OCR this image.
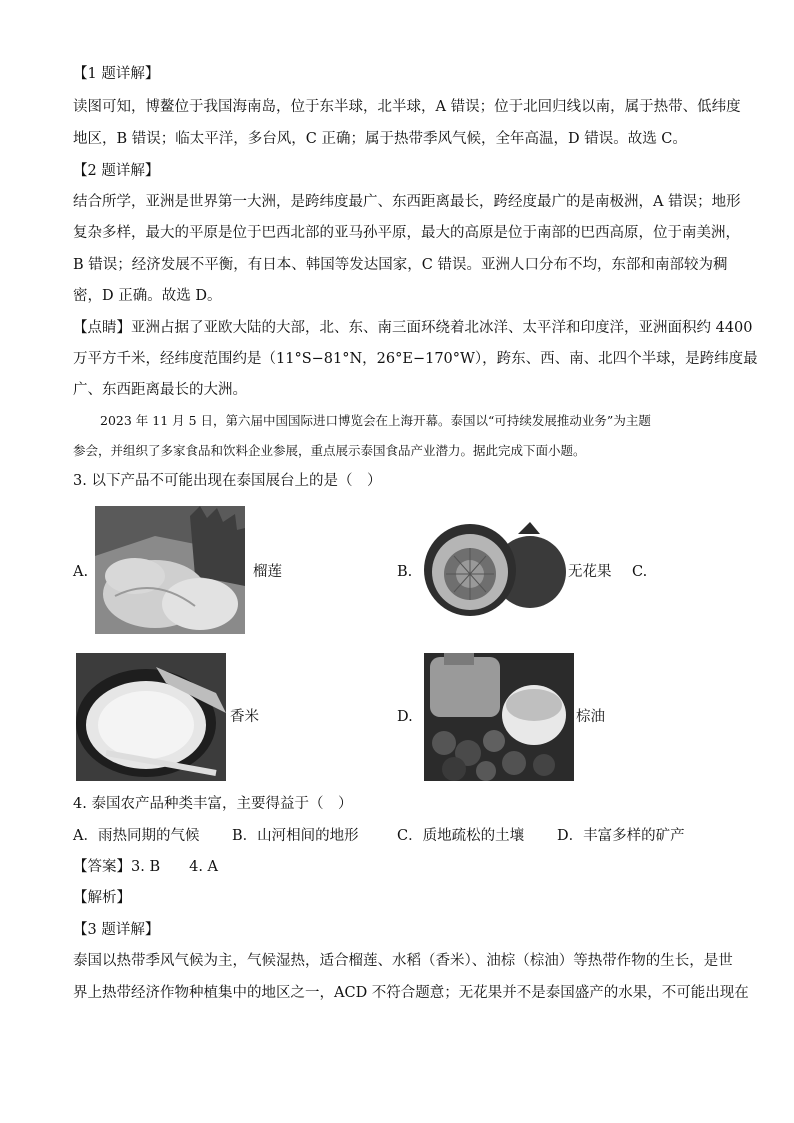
【1 题详解】
读图可知，博鳌位于我国海南岛，位于东半球，北半球，A 错误；位于北回归线以南，属于热带、低纬度
地区，B 错误；临太平洋，多台风，C 正确；属于热带季风气候，全年高温，D 错误。故选 C。
【2 题详解】
结合所学，亚洲是世界第一大洲，是跨纬度最广、东西距离最长，跨经度最广的是南极洲，A 错误；地形
复杂多样，最大的平原是位于巴西北部的亚马孙平原，最大的高原是位于南部的巴西高原，位于南美洲，
B 错误；经济发展不平衡，有日本、韩国等发达国家，C 错误。亚洲人口分布不均，东部和南部较为稠
密，D 正确。故选 D。
【点睛】亚洲占据了亚欧大陆的大部，北、东、南三面环绕着北冰洋、太平洋和印度洋，亚洲面积约 4400
万平方千米，经纬度范围约是（11°S−81°N，26°E−170°W），跨东、西、南、北四个半球，是跨纬度最
广、东西距离最长的大洲。
2023 年 11 月 5 日，第六届中国国际进口博览会在上海开幕。泰国以“可持续发展推动业务”为主题
参会，并组织了多家食品和饮料企业参展，重点展示泰国食品产业潜力。据此完成下面小题。
3. 以下产品不可能出现在泰国展台上的是（　）
A.	榴莲	B.	无花果 C.
香米	D.	棕油
4. 泰国农产品种类丰富，主要得益于（　）
A．雨热同期的气候 B．山河相间的地形	C．质地疏松的土壤 D．丰富多样的矿产
【答案】3. B　　4. A
【解析】
【3 题详解】
泰国以热带季风气候为主，气候湿热，适合榴莲、水稻（香米）、油棕（棕油）等热带作物的生长，是世
界上热带经济作物种植集中的地区之一，ACD 不符合题意；无花果并不是泰国盛产的水果，不可能出现在
